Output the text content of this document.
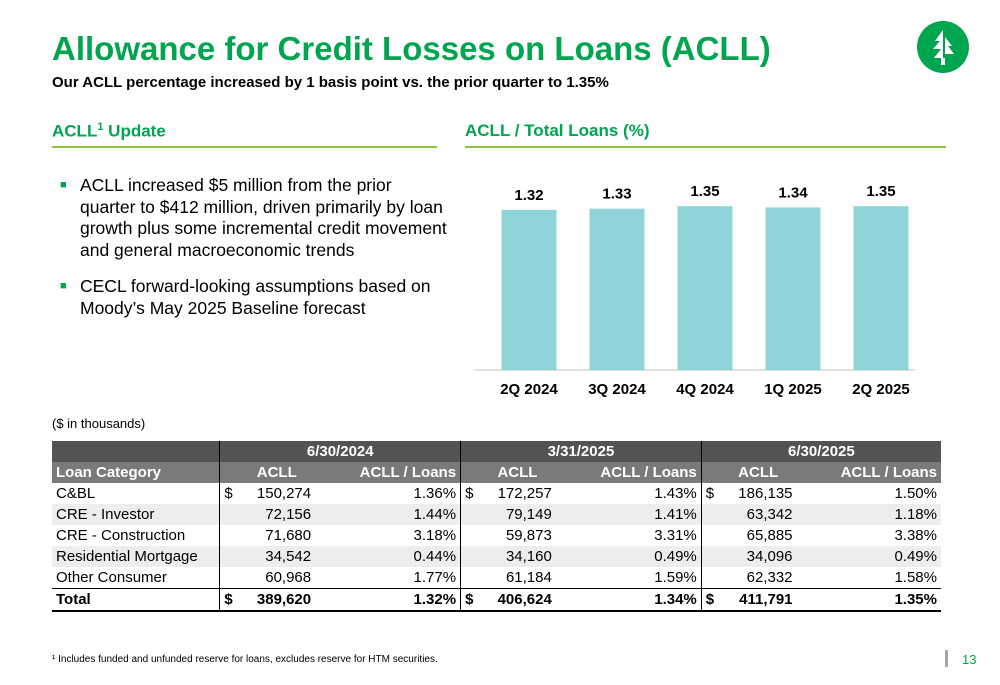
Allowance for Credit Losses on Loans (ACLL)
Our ACLL percentage increased by 1 basis point vs. the prior quarter to 1.35%
ACLL$^1$ Update	ACLL / Total Loans (%)
■ ACLL increased $5 million from the prior quarter to $412 million, driven primarily by loan growth plus some incremental credit movement and general macroeconomic trends
■ CECL forward-looking assumptions based on Moody’s May 2025 Baseline forecast
1.32
2Q 2024
1.33
3Q 2024
1.35
4Q 2024
1.34
1Q 2025
1.35
2Q 2025
($ in thousands)
	6/30/2024			3/31/2025			6/30/2025		
Loan Category	ACLL		ACLL / Loans	ACLL		ACLL / Loans	ACLL		ACLL / Loans
C&BL	$	150,274	1.36%	$	172,257	1.43%	$	186,135	1.50%
CRE - Investor		72,156	1.44%		79,149	1.41%		63,342	1.18%
CRE - Construction		71,680	3.18%		59,873	3.31%		65,885	3.38%
Residential Mortgage		34,542	0.44%		34,160	0.49%		34,096	0.49%
Other Consumer		60,968	1.77%		61,184	1.59%		62,332	1.58%
Total	$	389,620	1.32%	$	406,624	1.34%	$	411,791	1.35%
¹ Includes funded and unfunded reserve for loans, excludes reserve for HTM securities.	13
